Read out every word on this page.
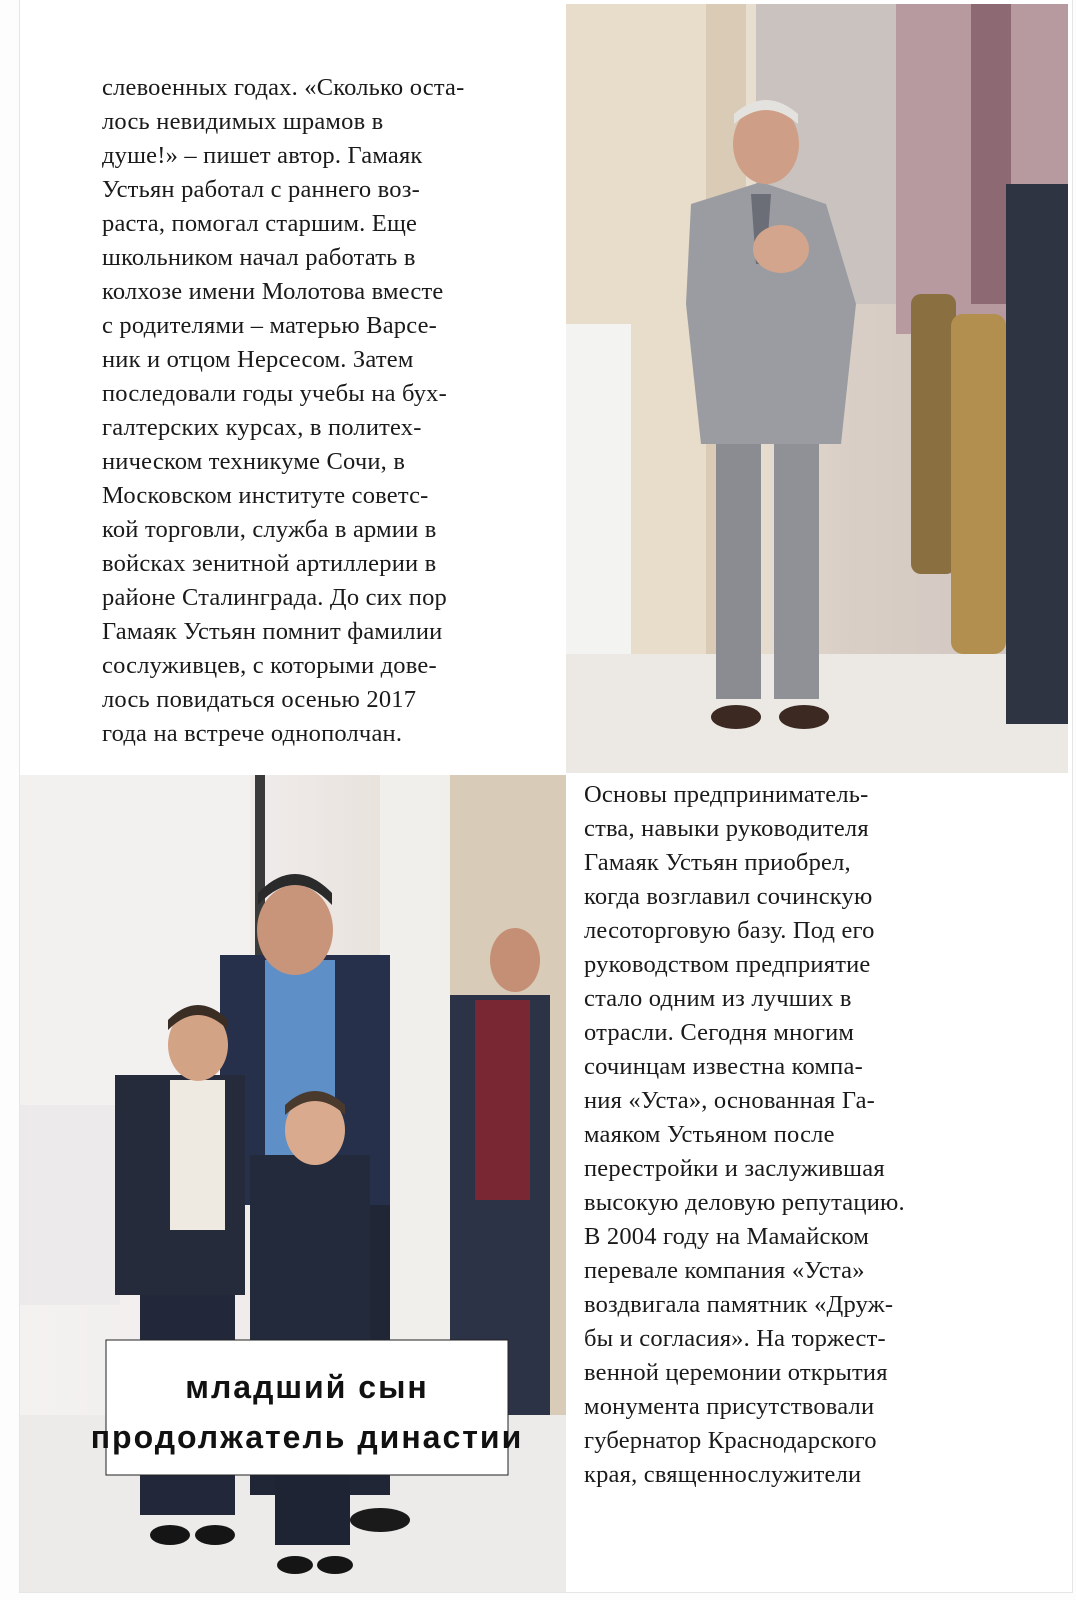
слевоенных годах. «Сколько оста-
лось невидимых шрамов в
душе!» – пишет автор. Гамаяк
Устьян работал с раннего воз-
раста, помогал старшим. Еще
школьником начал работать в
колхозе имени Молотова вместе
с родителями – матерью Варсе-
ник и отцом Нерсесом. Затем
последовали годы учебы на бух-
галтерских курсах, в политех-
ническом техникуме Сочи, в
Московском институте советс-
кой торговли, служба в армии в
войсках зенитной артиллерии в
районе Сталинграда. До сих пор
Гамаяк Устьян помнит фамилии
сослуживцев, с которыми дове-
лось повидаться осенью 2017
года на встрече однополчан.
младший сын
продолжатель династии
Основы предприниматель-
ства, навыки руководителя
Гамаяк Устьян приобрел,
когда возглавил сочинскую
лесоторговую базу. Под его
руководством предприятие
стало одним из лучших в
отрасли. Сегодня многим
сочинцам известна компа-
ния «Уста», основанная Га-
маяком Устьяном после
перестройки и заслужившая
высокую деловую репутацию.
В 2004 году на Мамайском
перевале компания «Уста»
воздвигала памятник «Друж-
бы и согласия». На торжест-
венной церемонии открытия
монумента присутствовали
губернатор Краснодарского
края, священнослужители
